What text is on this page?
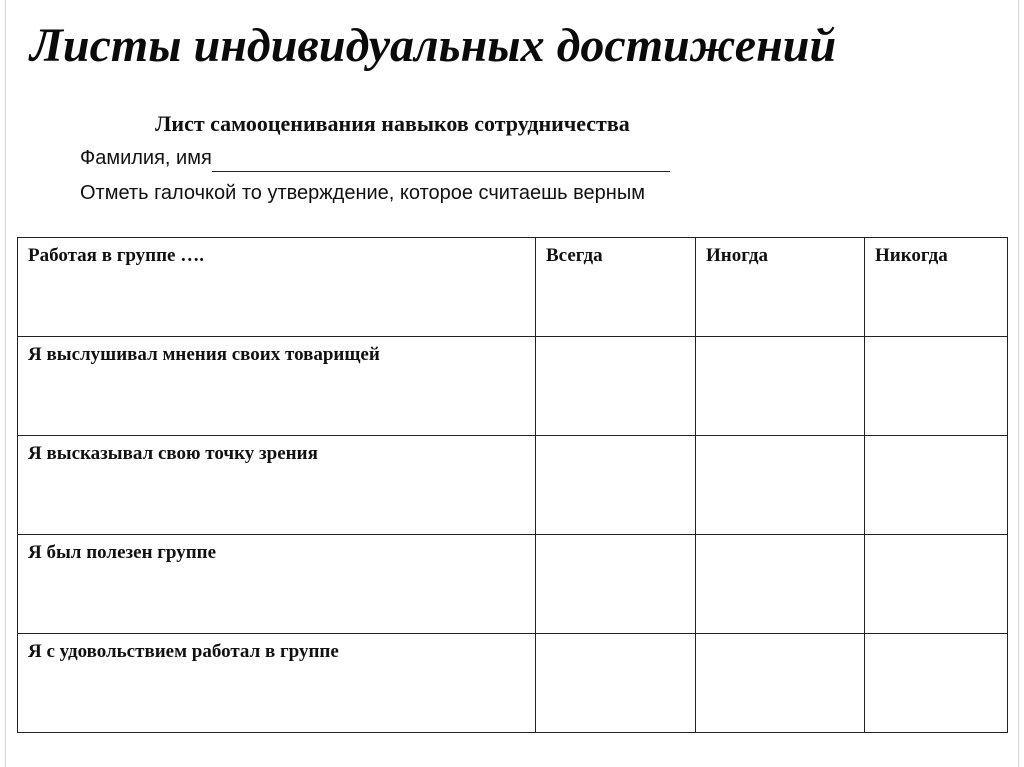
Листы индивидуальных достижений
Лист самооценивания навыков сотрудничества
Фамилия, имя
Отметь галочкой то утверждение, которое считаешь верным
Работая в группе ….	Всегда	Иногда	Никогда
Я выслушивал мнения своих товарищей			
Я высказывал свою точку зрения			
Я был полезен группе			
Я с удовольствием работал в группе			
